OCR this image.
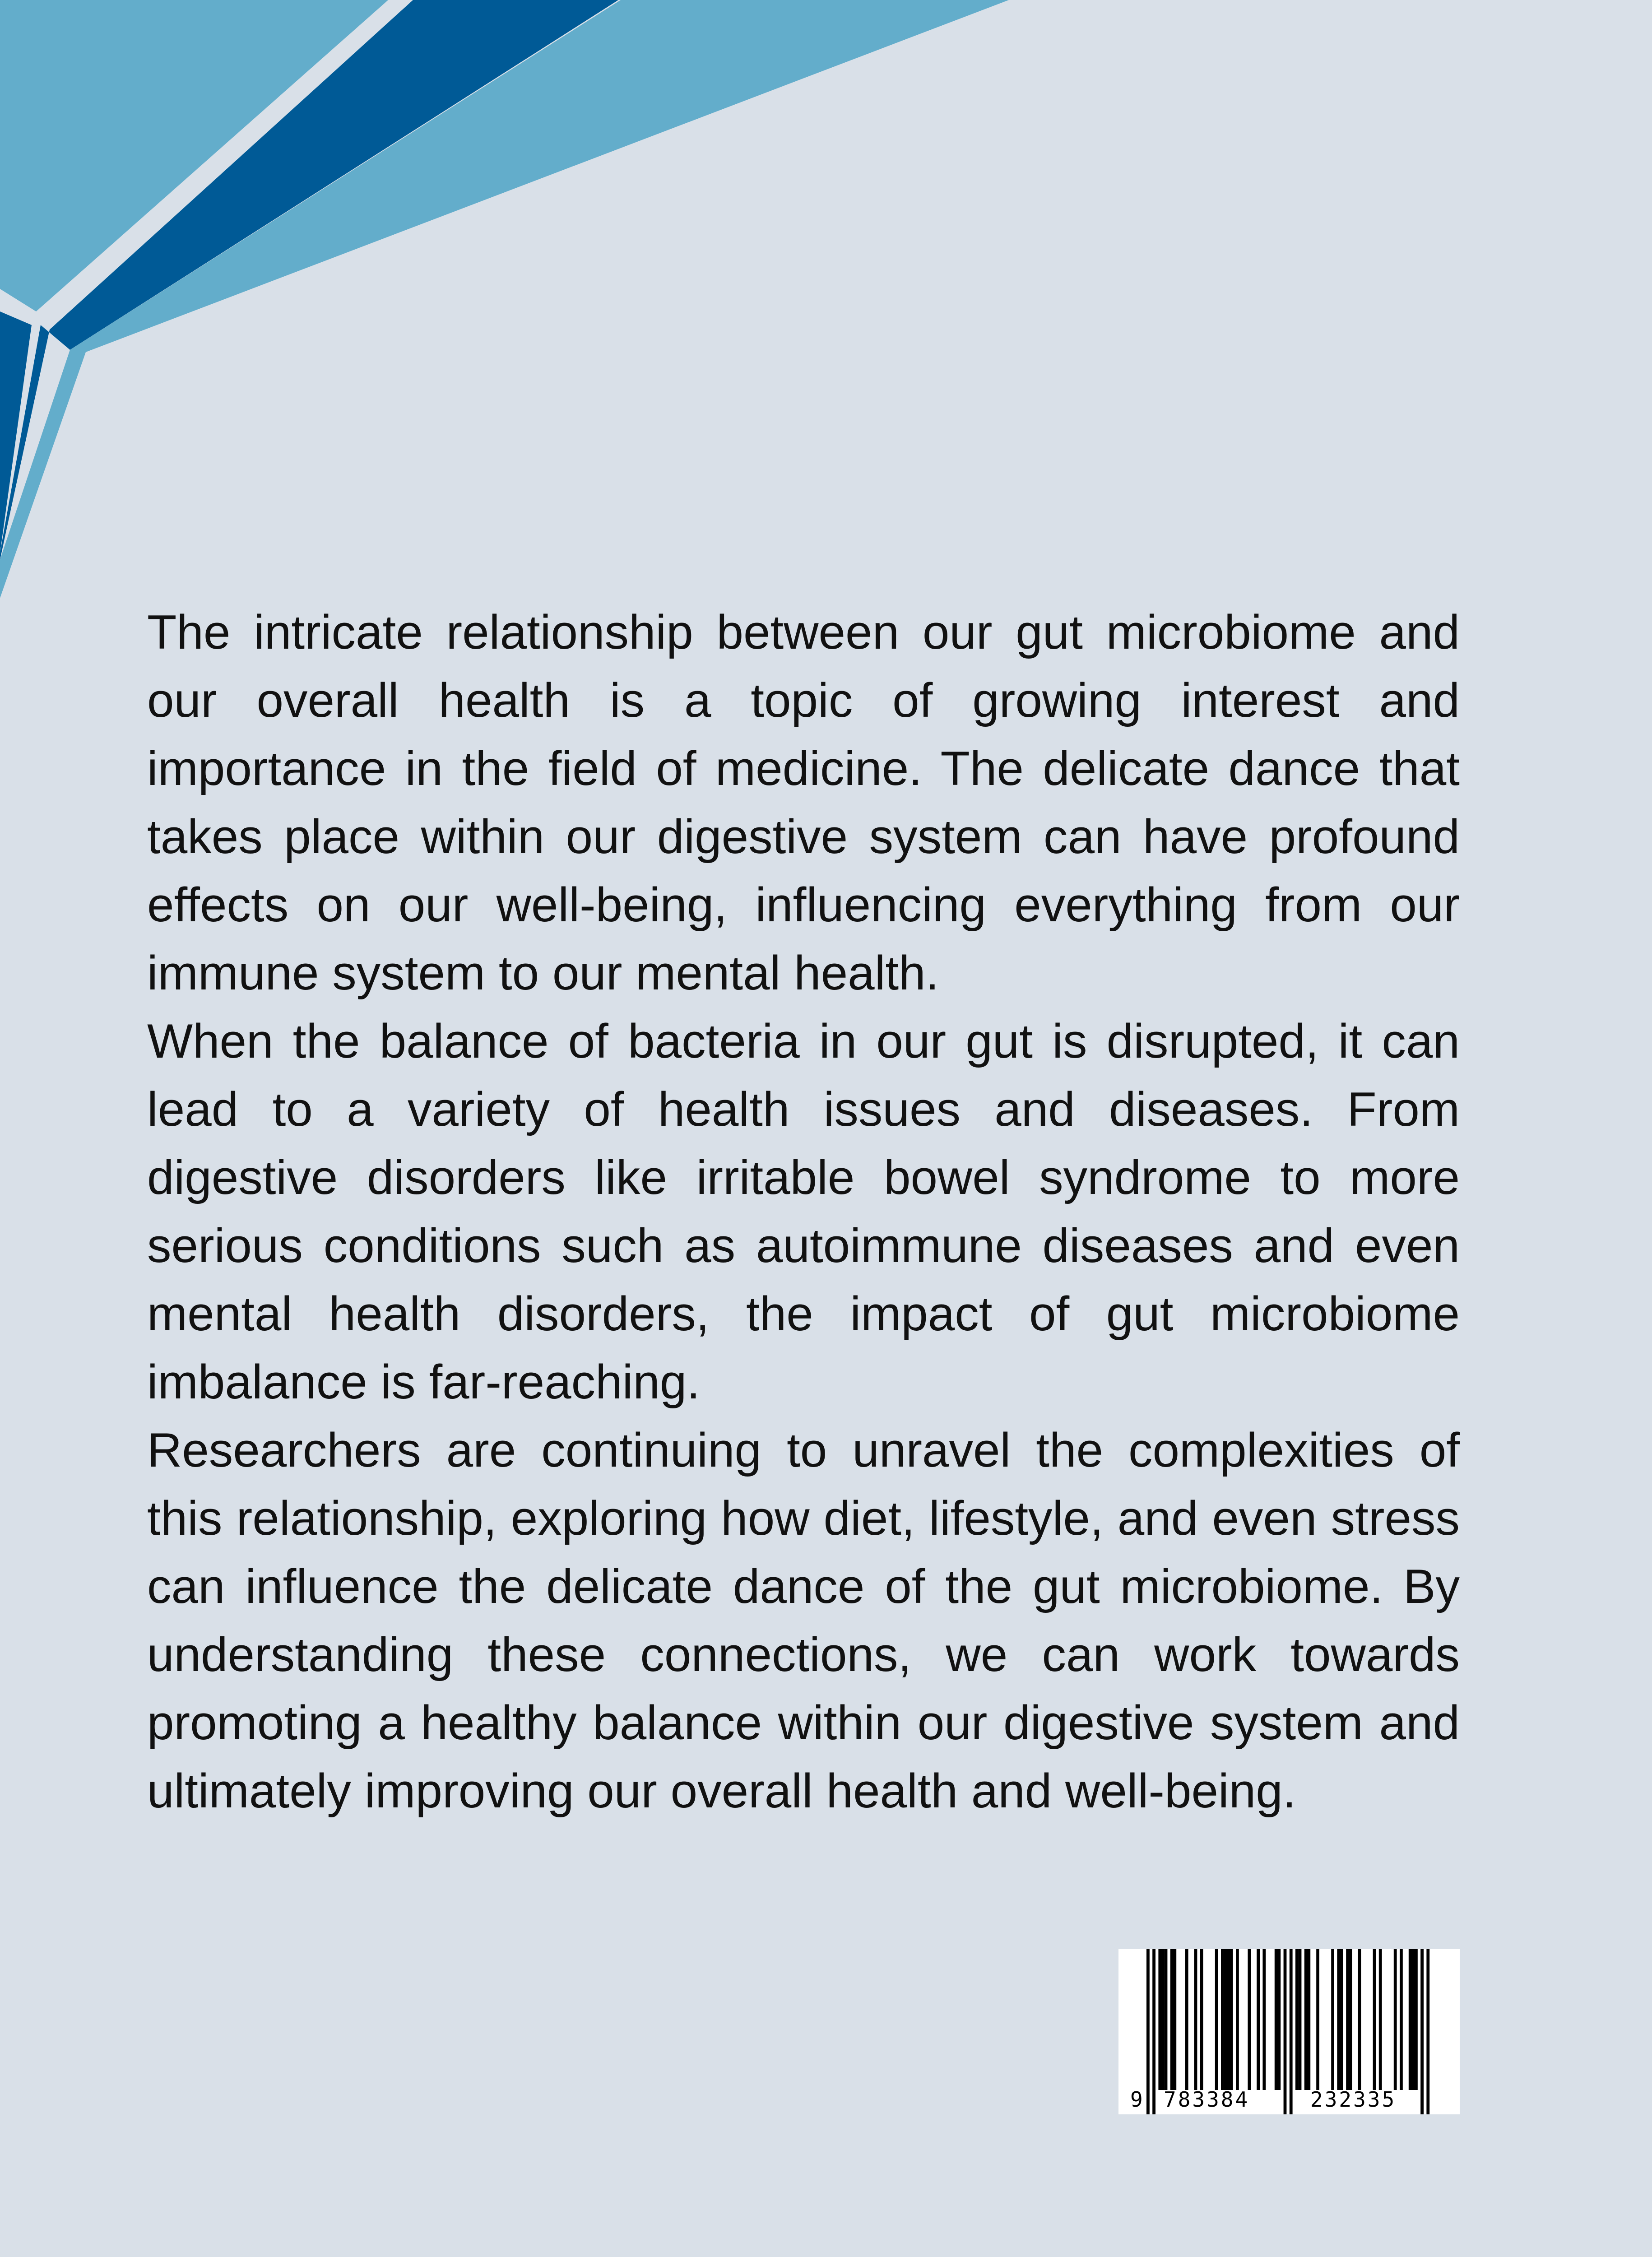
The intricate relationship between our gut microbiome and our overall health is a topic of growing interest and importance in the field of medicine. The delicate dance that takes place within our digestive system can have profound effects on our well-being, influencing everything from our immune system to our mental health.

When the balance of bacteria in our gut is disrupted, it can lead to a variety of health issues and diseases. From digestive disorders like irritable bowel syndrome to more serious conditions such as autoimmune diseases and even mental health disorders, the impact of gut microbiome imbalance is far-reaching.

Researchers are continuing to unravel the complexities of this relationship, exploring how diet, lifestyle, and even stress can influence the delicate dance of the gut microbiome. By understanding these connections, we can work towards promoting a healthy balance within our digestive system and ultimately improving our overall health and well-being.

9 783384	232335
